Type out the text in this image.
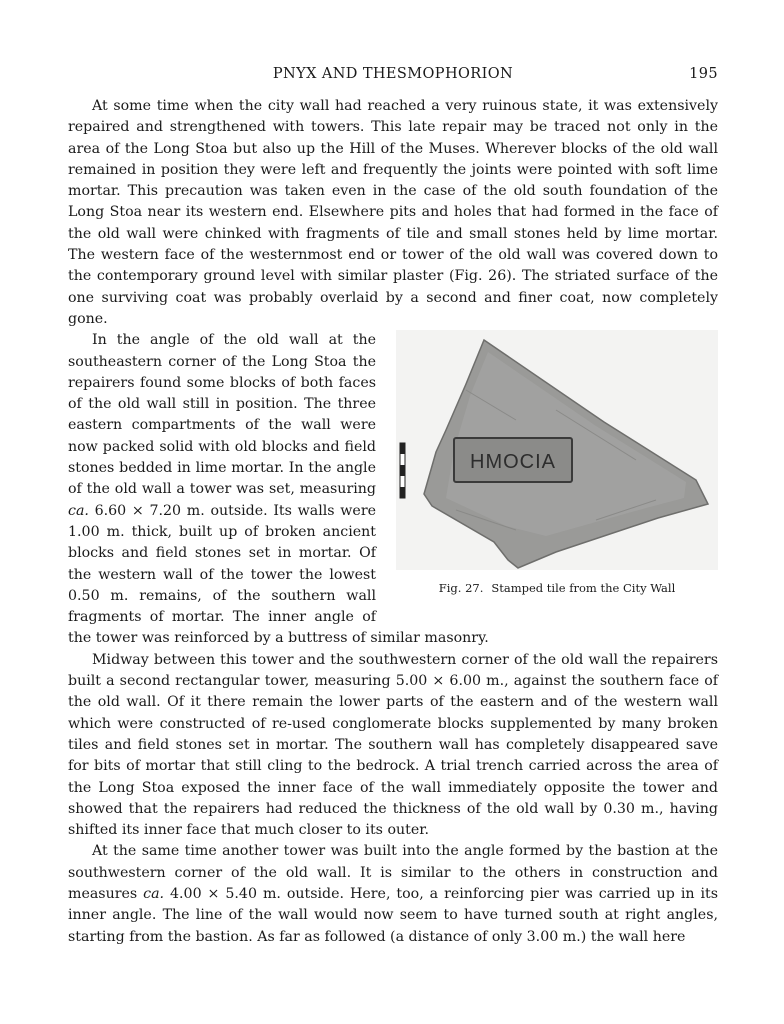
PNYX AND THESMOPHORION	195

At some time when the city wall had reached a very ruinous state, it was extensively repaired and strengthened with towers. This late repair may be traced not only in the area of the Long Stoa but also up the Hill of the Muses. Wherever blocks of the old wall remained in position they were left and frequently the joints were pointed with soft lime mortar. This precaution was taken even in the case of the old south foundation of the Long Stoa near its western end. Elsewhere pits and holes that had formed in the face of the old wall were chinked with fragments of tile and small stones held by lime mortar. The western face of the westernmost end or tower of the old wall was covered down to the contemporary ground level with similar plaster (Fig. 26). The striated surface of the one surviving coat was probably overlaid by a second and finer coat, now completely gone.

ΗΜΟCIA
Fig. 27. Stamped tile from the City Wall

In the angle of the old wall at the southeastern corner of the Long Stoa the repairers found some blocks of both faces of the old wall still in position. The three eastern compartments of the wall were now packed solid with old blocks and field stones bedded in lime mortar. In the angle of the old wall a tower was set, measuring ca. 6.60 × 7.20 m. outside. Its walls were 1.00 m. thick, built up of broken ancient blocks and field stones set in mortar. Of the western wall of the tower the lowest 0.50 m. remains, of the southern wall fragments of mortar. The inner angle of the tower was reinforced by a buttress of similar masonry.

Midway between this tower and the southwestern corner of the old wall the repairers built a second rectangular tower, measuring 5.00 × 6.00 m., against the southern face of the old wall. Of it there remain the lower parts of the eastern and of the western wall which were constructed of re-used conglomerate blocks supplemented by many broken tiles and field stones set in mortar. The southern wall has completely disappeared save for bits of mortar that still cling to the bedrock. A trial trench carried across the area of the Long Stoa exposed the inner face of the wall immediately opposite the tower and showed that the repairers had reduced the thickness of the old wall by 0.30 m., having shifted its inner face that much closer to its outer.

At the same time another tower was built into the angle formed by the bastion at the southwestern corner of the old wall. It is similar to the others in construction and measures ca. 4.00 × 5.40 m. outside. Here, too, a reinforcing pier was carried up in its inner angle. The line of the wall would now seem to have turned south at right angles, starting from the bastion. As far as followed (a distance of only 3.00 m.) the wall here
